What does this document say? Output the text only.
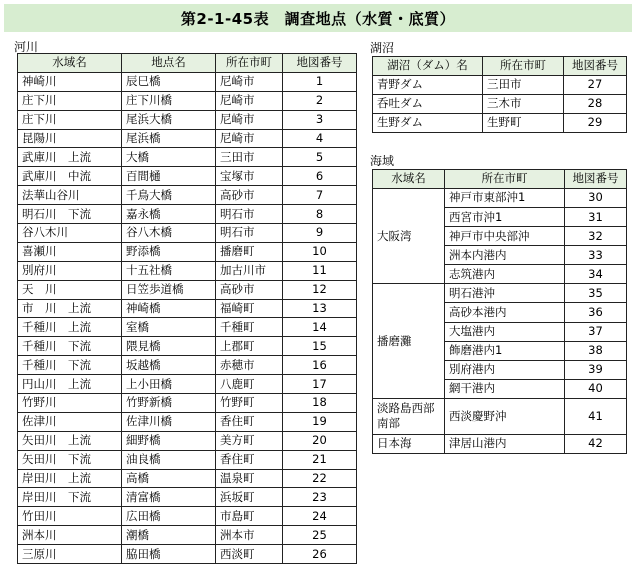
第2-1-45表　調査地点（水質・底質）
河川
水域名	地点名	所在市町	地図番号
神崎川	辰巳橋	尼崎市	1
庄下川	庄下川橋	尼崎市	2
庄下川	尾浜大橋	尼崎市	3
昆陽川	尾浜橋	尼崎市	4
武庫川　上流	大橋	三田市	5
武庫川　中流	百間樋	宝塚市	6
法華山谷川	千鳥大橋	高砂市	7
明石川　下流	嘉永橋	明石市	8
谷八木川	谷八木橋	明石市	9
喜瀬川	野添橋	播磨町	10
別府川	十五社橋	加古川市	11
天　川	日笠歩道橋	高砂市	12
市　川　上流	神崎橋	福崎町	13
千種川　上流	室橋	千種町	14
千種川　下流	隈見橋	上郡町	15
千種川　下流	坂越橋	赤穂市	16
円山川　上流	上小田橋	八鹿町	17
竹野川	竹野新橋	竹野町	18
佐津川	佐津川橋	香住町	19
矢田川　上流	細野橋	美方町	20
矢田川　下流	油良橋	香住町	21
岸田川　上流	高橋	温泉町	22
岸田川　下流	清富橋	浜坂町	23
竹田川	広田橋	市島町	24
洲本川	潮橋	洲本市	25
三原川	脇田橋	西淡町	26
湖沼
湖沼（ダム）名	所在市町	地図番号
青野ダム	三田市	27
呑吐ダム	三木市	28
生野ダム	生野町	29
海域
水域名	所在市町	地図番号
大阪湾	神戸市東部沖1	30
	西宮市沖1	31
	神戸市中央部沖	32
	洲本内港内	33
	志筑港内	34
播磨灘	明石港沖	35
	高砂本港内	36
	大塩港内	37
	飾磨港内1	38
	別府港内	39
	網干港内	40
淡路島西部南部	西淡慶野沖	41
日本海	津居山港内	42
